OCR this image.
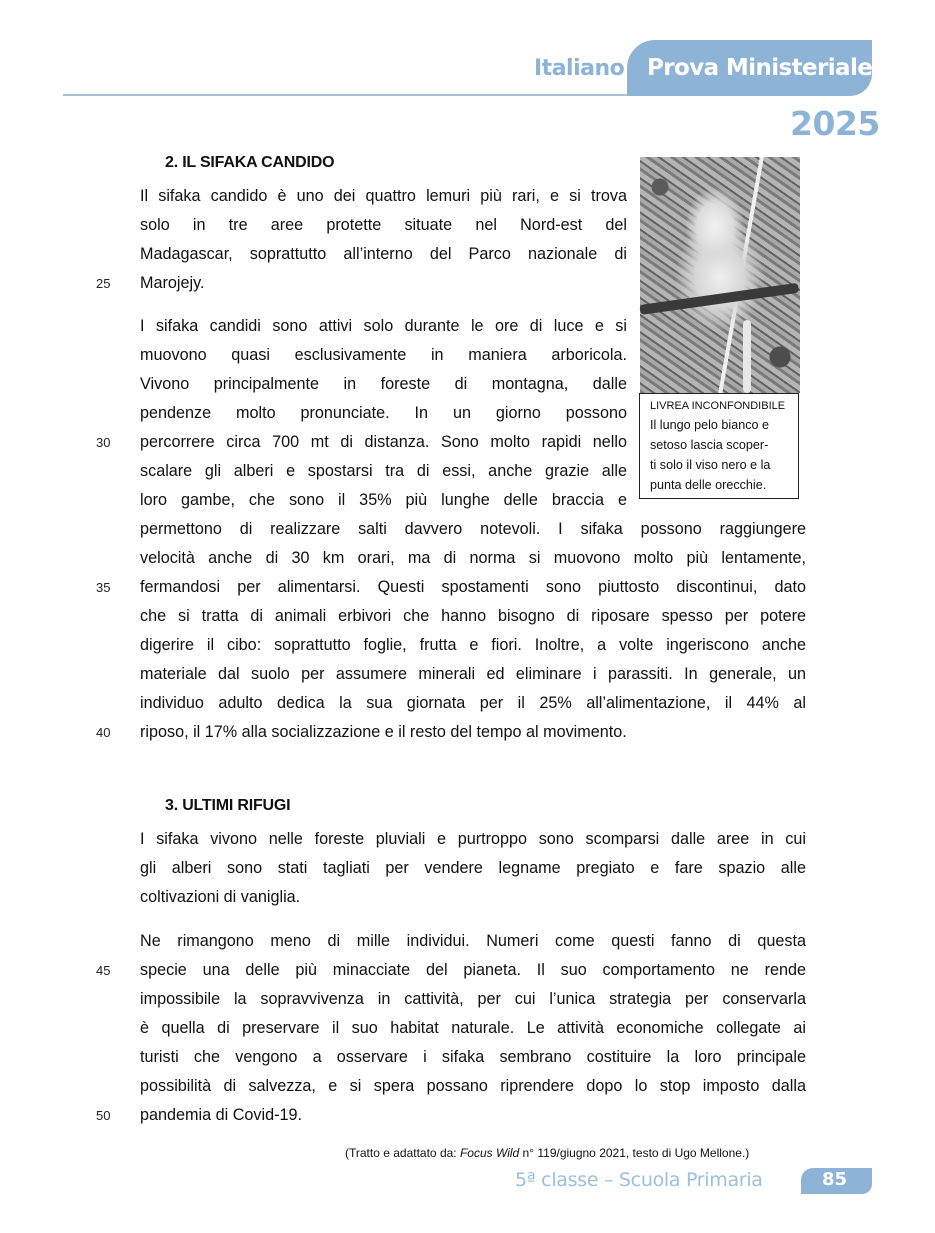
Italiano Prova Ministeriale
2025
2. IL SIFAKA CANDIDO
Il sifaka candido è uno dei quattro lemuri più rari, e si trova
solo in tre aree protette situate nel Nord-est del
Madagascar, soprattutto all’interno del Parco nazionale di
Marojejy.
25
I sifaka candidi sono attivi solo durante le ore di luce e si
muovono quasi esclusivamente in maniera arboricola.
Vivono principalmente in foreste di montagna, dalle
pendenze molto pronunciate. In un giorno possono
percorrere circa 700 mt di distanza. Sono molto rapidi nello
scalare gli alberi e spostarsi tra di essi, anche grazie alle
loro gambe, che sono il 35% più lunghe delle braccia e
permettono di realizzare salti davvero notevoli. I sifaka possono raggiungere
velocità anche di 30 km orari, ma di norma si muovono molto più lentamente,
fermandosi per alimentarsi. Questi spostamenti sono piuttosto discontinui, dato
che si tratta di animali erbivori che hanno bisogno di riposare spesso per potere
digerire il cibo: soprattutto foglie, frutta e fiori. Inoltre, a volte ingeriscono anche
materiale dal suolo per assumere minerali ed eliminare i parassiti. In generale, un
individuo adulto dedica la sua giornata per il 25% all’alimentazione, il 44% al
riposo, il 17% alla socializzazione e il resto del tempo al movimento.
30
35
40
LIVREA INCONFONDIBILE
Il lungo pelo bianco e
setoso lascia scoper-
ti solo il viso nero e la
punta delle orecchie.
3. ULTIMI RIFUGI
I sifaka vivono nelle foreste pluviali e purtroppo sono scomparsi dalle aree in cui
gli alberi sono stati tagliati per vendere legname pregiato e fare spazio alle
coltivazioni di vaniglia.
Ne rimangono meno di mille individui. Numeri come questi fanno di questa
specie una delle più minacciate del pianeta. Il suo comportamento ne rende
impossibile la sopravvivenza in cattività, per cui l’unica strategia per conservarla
è quella di preservare il suo habitat naturale. Le attività economiche collegate ai
turisti che vengono a osservare i sifaka sembrano costituire la loro principale
possibilità di salvezza, e si spera possano riprendere dopo lo stop imposto dalla
pandemia di Covid-19.
45
50
(Tratto e adattato da: Focus Wild n° 119/giugno 2021, testo di Ugo Mellone.)
5ª classe – Scuola Primaria	85
